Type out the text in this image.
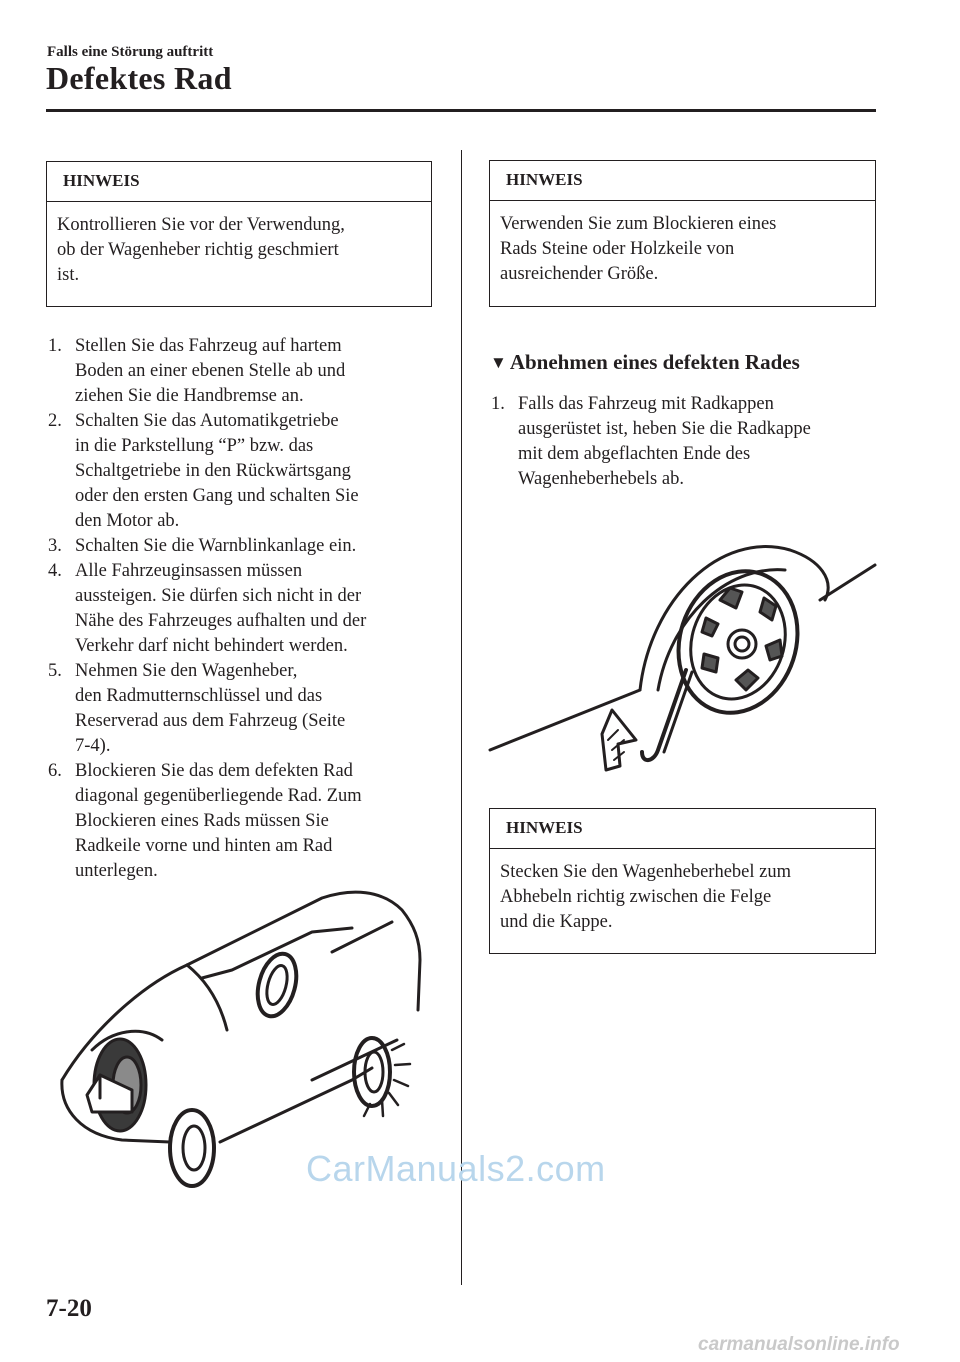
Falls eine Störung auftritt
Defektes Rad
HINWEIS
Kontrollieren Sie vor der Verwendung,
ob der Wagenheber richtig geschmiert
ist.
1. Stellen Sie das Fahrzeug auf hartem
Boden an einer ebenen Stelle ab und
ziehen Sie die Handbremse an.
2. Schalten Sie das Automatikgetriebe
in die Parkstellung “P” bzw. das
Schaltgetriebe in den Rückwärtsgang
oder den ersten Gang und schalten Sie
den Motor ab.
3. Schalten Sie die Warnblinkanlage ein.
4. Alle Fahrzeuginsassen müssen
aussteigen. Sie dürfen sich nicht in der
Nähe des Fahrzeuges aufhalten und der
Verkehr darf nicht behindert werden.
5. Nehmen Sie den Wagenheber,
den Radmutternschlüssel und das
Reserverad aus dem Fahrzeug (Seite
7-4).
6. Blockieren Sie das dem defekten Rad
diagonal gegenüberliegende Rad. Zum
Blockieren eines Rads müssen Sie
Radkeile vorne und hinten am Rad
unterlegen.
HINWEIS
Verwenden Sie zum Blockieren eines
Rads Steine oder Holzkeile von
ausreichender Größe.
▼ Abnehmen eines defekten Rades
1. Falls das Fahrzeug mit Radkappen
ausgerüstet ist, heben Sie die Radkappe
mit dem abgeflachten Ende des
Wagenheberhebels ab.
HINWEIS
Stecken Sie den Wagenheberhebel zum
Abhebeln richtig zwischen die Felge
und die Kappe.
CarManuals2.com
7-20
carmanualsonline.info
